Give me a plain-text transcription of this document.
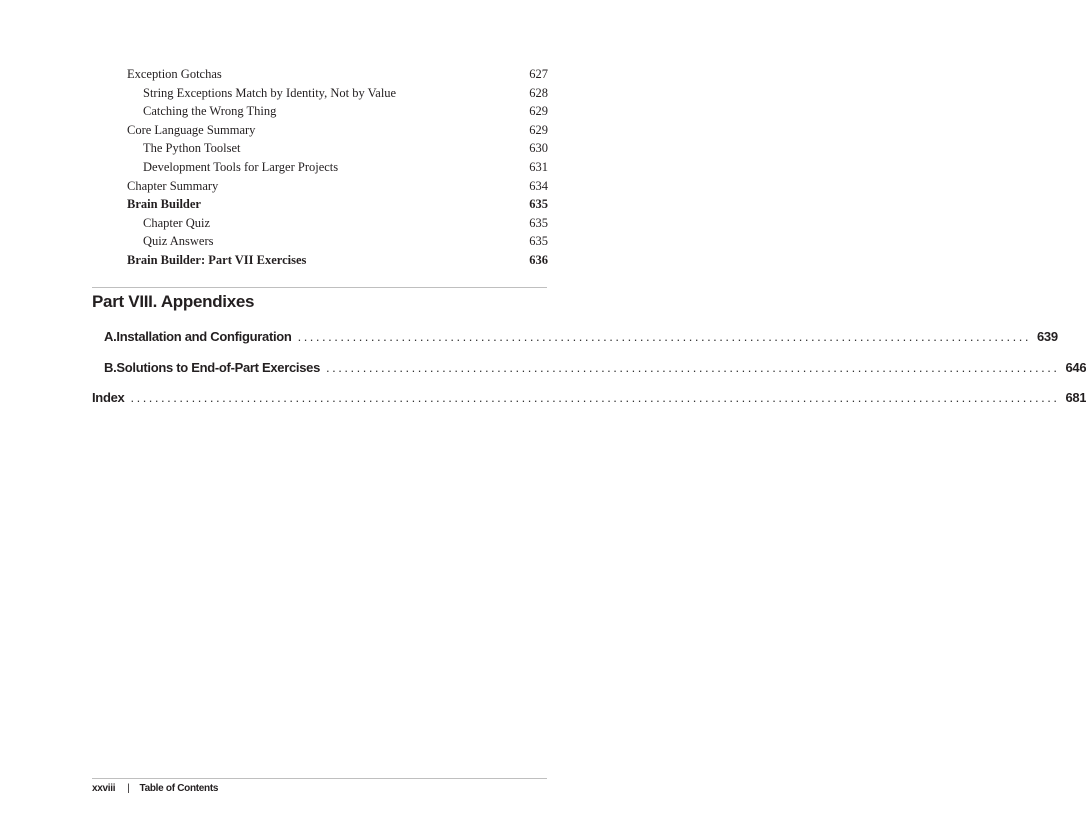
Exception Gotchas	627
String Exceptions Match by Identity, Not by Value	628
Catching the Wrong Thing	629
Core Language Summary	629
The Python Toolset	630
Development Tools for Larger Projects	631
Chapter Summary	634
Brain Builder	635
Chapter Quiz	635
Quiz Answers	635
Brain Builder: Part VII Exercises	636
Part VIII. Appendixes
A. Installation and Configuration ........................................................................................................................ 639
B. Solutions to End-of-Part Exercises ........................................................................................................................ 646
Index ........................................................................................................................................................ 681
xxviii | Table of Contents
